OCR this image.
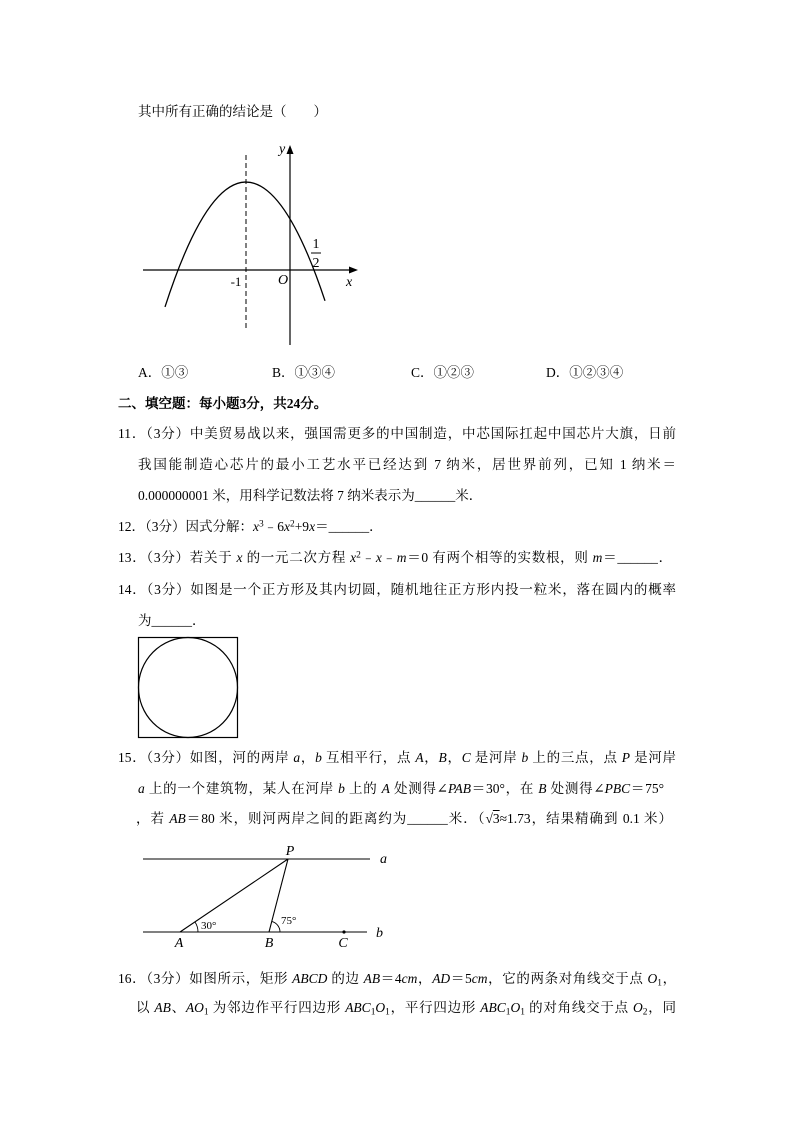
其中所有正确的结论是（　　）
y
x
-1	O
1
2
A．①③	B．①③④	C．①②③	D．①②③④
二、填空题：每小题3分，共24分。
11．（3分）中美贸易战以来，强国需更多的中国制造，中芯国际扛起中国芯片大旗，日前
我国能制造心芯片的最小工艺水平已经达到 7 纳米，居世界前列，已知 1 纳米＝
0.000000001 米，用科学记数法将 7 纳米表示为______米．
12．（3分）因式分解：$x^3﹣6x^2+9x=\_\_\_\_\_\_$．
13．（3分）若关于 x 的一元二次方程 $x^2﹣x﹣m=0$ 有两个相等的实数根，则 m＝______．
14．（3分）如图是一个正方形及其内切圆，随机地往正方形内投一粒米，落在圆内的概率
为______．
15．（3分）如图，河的两岸 a，b 互相平行，点 A，B，C 是河岸 b 上的三点，点 P 是河岸
a 上的一个建筑物，某人在河岸 b 上的 A 处测得∠PAB＝30°，在 B 处测得∠PBC＝75°
，若 AB＝80 米，则河两岸之间的距离约为______米．（√3≈1.73，结果精确到 0.1 米）
a
b
P
A	B	C
30°	75°
16．（3分）如图所示，矩形 ABCD 的边 AB＝4cm，AD＝5cm，它的两条对角线交于点 $O_1$，
以 AB、$AO_1$ 为邻边作平行四边形 $ABC_1O_1$，平行四边形 $ABC_1O_1$ 的对角线交于点 $O_2$，同
